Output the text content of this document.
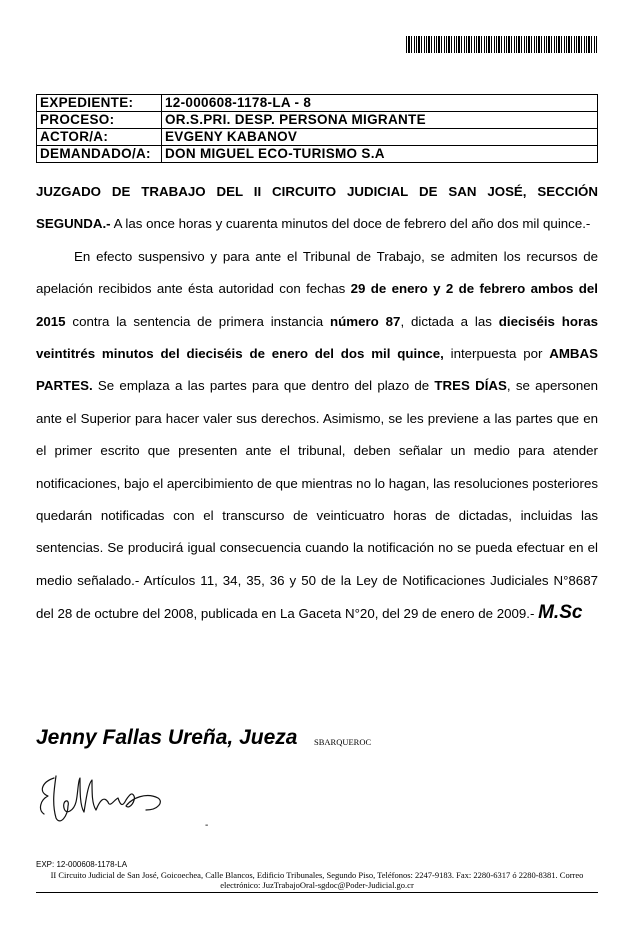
EXPEDIENTE:	12-000608-1178-LA - 8
PROCESO:	OR.S.PRI. DESP. PERSONA MIGRANTE
ACTOR/A:	EVGENY KABANOV
DEMANDADO/A:	DON MIGUEL ECO-TURISMO S.A

JUZGADO DE TRABAJO DEL II CIRCUITO JUDICIAL DE SAN JOSÉ, SECCIÓN SEGUNDA.- A las once horas y cuarenta minutos del doce de febrero del año dos mil quince.-

En efecto suspensivo y para ante el Tribunal de Trabajo, se admiten los recursos de apelación recibidos ante ésta autoridad con fechas 29 de enero y 2 de febrero ambos del 2015 contra la sentencia de primera instancia número 87, dictada a las dieciséis horas veintitrés minutos del dieciséis de enero del dos mil quince, interpuesta por AMBAS PARTES. Se emplaza a las partes para que dentro del plazo de TRES DÍAS, se apersonen ante el Superior para hacer valer sus derechos. Asimismo, se les previene a las partes que en el primer escrito que presenten ante el tribunal, deben señalar un medio para atender notificaciones, bajo el apercibimiento de que mientras no lo hagan, las resoluciones posteriores quedarán notificadas con el transcurso de veinticuatro horas de dictadas, incluidas las sentencias. Se producirá igual consecuencia cuando la notificación no se pueda efectuar en el medio señalado.- Artículos 11, 34, 35, 36 y 50 de la Ley de Notificaciones Judiciales N°8687 del 28 de octubre del 2008, publicada en La Gaceta N°20, del 29 de enero de 2009.- M.Sc

Jenny Fallas Ureña, Jueza SBARQUEROC
-
EXP: 12-000608-1178-LA
II Circuito Judicial de San José, Goicoechea, Calle Blancos, Edificio Tribunales, Segundo Piso, Teléfonos: 2247-9183. Fax: 2280-6317 ó 2280-8381. Correo electrónico: JuzTrabajoOral-sgdoc@Poder-Judicial.go.cr
